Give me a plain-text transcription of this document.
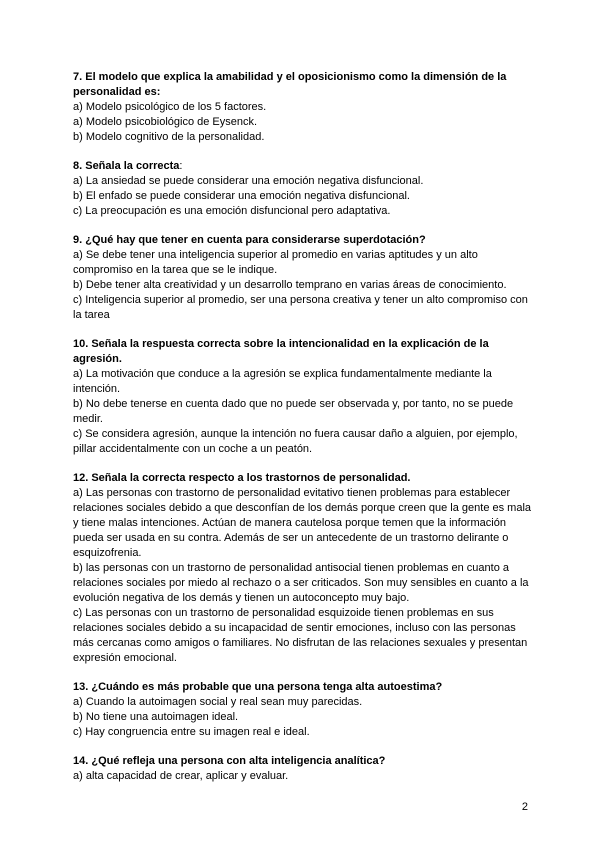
7. El modelo que explica la amabilidad y el oposicionismo como la dimensión de la personalidad es:

a) Modelo psicológico de los 5 factores.

a) Modelo psicobiológico de Eysenck.

b) Modelo cognitivo de la personalidad.

8. Señala la correcta:

a) La ansiedad se puede considerar una emoción negativa disfuncional.

b) El enfado se puede considerar una emoción negativa disfuncional.

c) La preocupación es una emoción disfuncional pero adaptativa.

9. ¿Qué hay que tener en cuenta para considerarse superdotación?

a) Se debe tener una inteligencia superior al promedio en varias aptitudes y un alto compromiso en la tarea que se le indique.

b) Debe tener alta creatividad y un desarrollo temprano en varias áreas de conocimiento.

c) Inteligencia superior al promedio, ser una persona creativa y tener un alto compromiso con la tarea

10. Señala la respuesta correcta sobre la intencionalidad en la explicación de la agresión.

a) La motivación que conduce a la agresión se explica fundamentalmente mediante la intención.

b) No debe tenerse en cuenta dado que no puede ser observada y, por tanto, no se puede medir.

c) Se considera agresión, aunque la intención no fuera causar daño a alguien, por ejemplo, pillar accidentalmente con un coche a un peatón.

12. Señala la correcta respecto a los trastornos de personalidad.

a) Las personas con trastorno de personalidad evitativo tienen problemas para establecer relaciones sociales debido a que desconfían de los demás porque creen que la gente es mala y tiene malas intenciones. Actúan de manera cautelosa porque temen que la información pueda ser usada en su contra. Además de ser un antecedente de un trastorno delirante o esquizofrenia.

b) las personas con un trastorno de personalidad antisocial tienen problemas en cuanto a relaciones sociales por miedo al rechazo o a ser criticados. Son muy sensibles en cuanto a la evolución negativa de los demás y tienen un autoconcepto muy bajo.

c) Las personas con un trastorno de personalidad esquizoide tienen problemas en sus relaciones sociales debido a su incapacidad de sentir emociones, incluso con las personas más cercanas como amigos o familiares. No disfrutan de las relaciones sexuales y presentan expresión emocional.

13. ¿Cuándo es más probable que una persona tenga alta autoestima?

a) Cuando la autoimagen social y real sean muy parecidas.

b) No tiene una autoimagen ideal.

c) Hay congruencia entre su imagen real e ideal.

14. ¿Qué refleja una persona con alta inteligencia analítica?

a) alta capacidad de crear, aplicar y evaluar.

2
